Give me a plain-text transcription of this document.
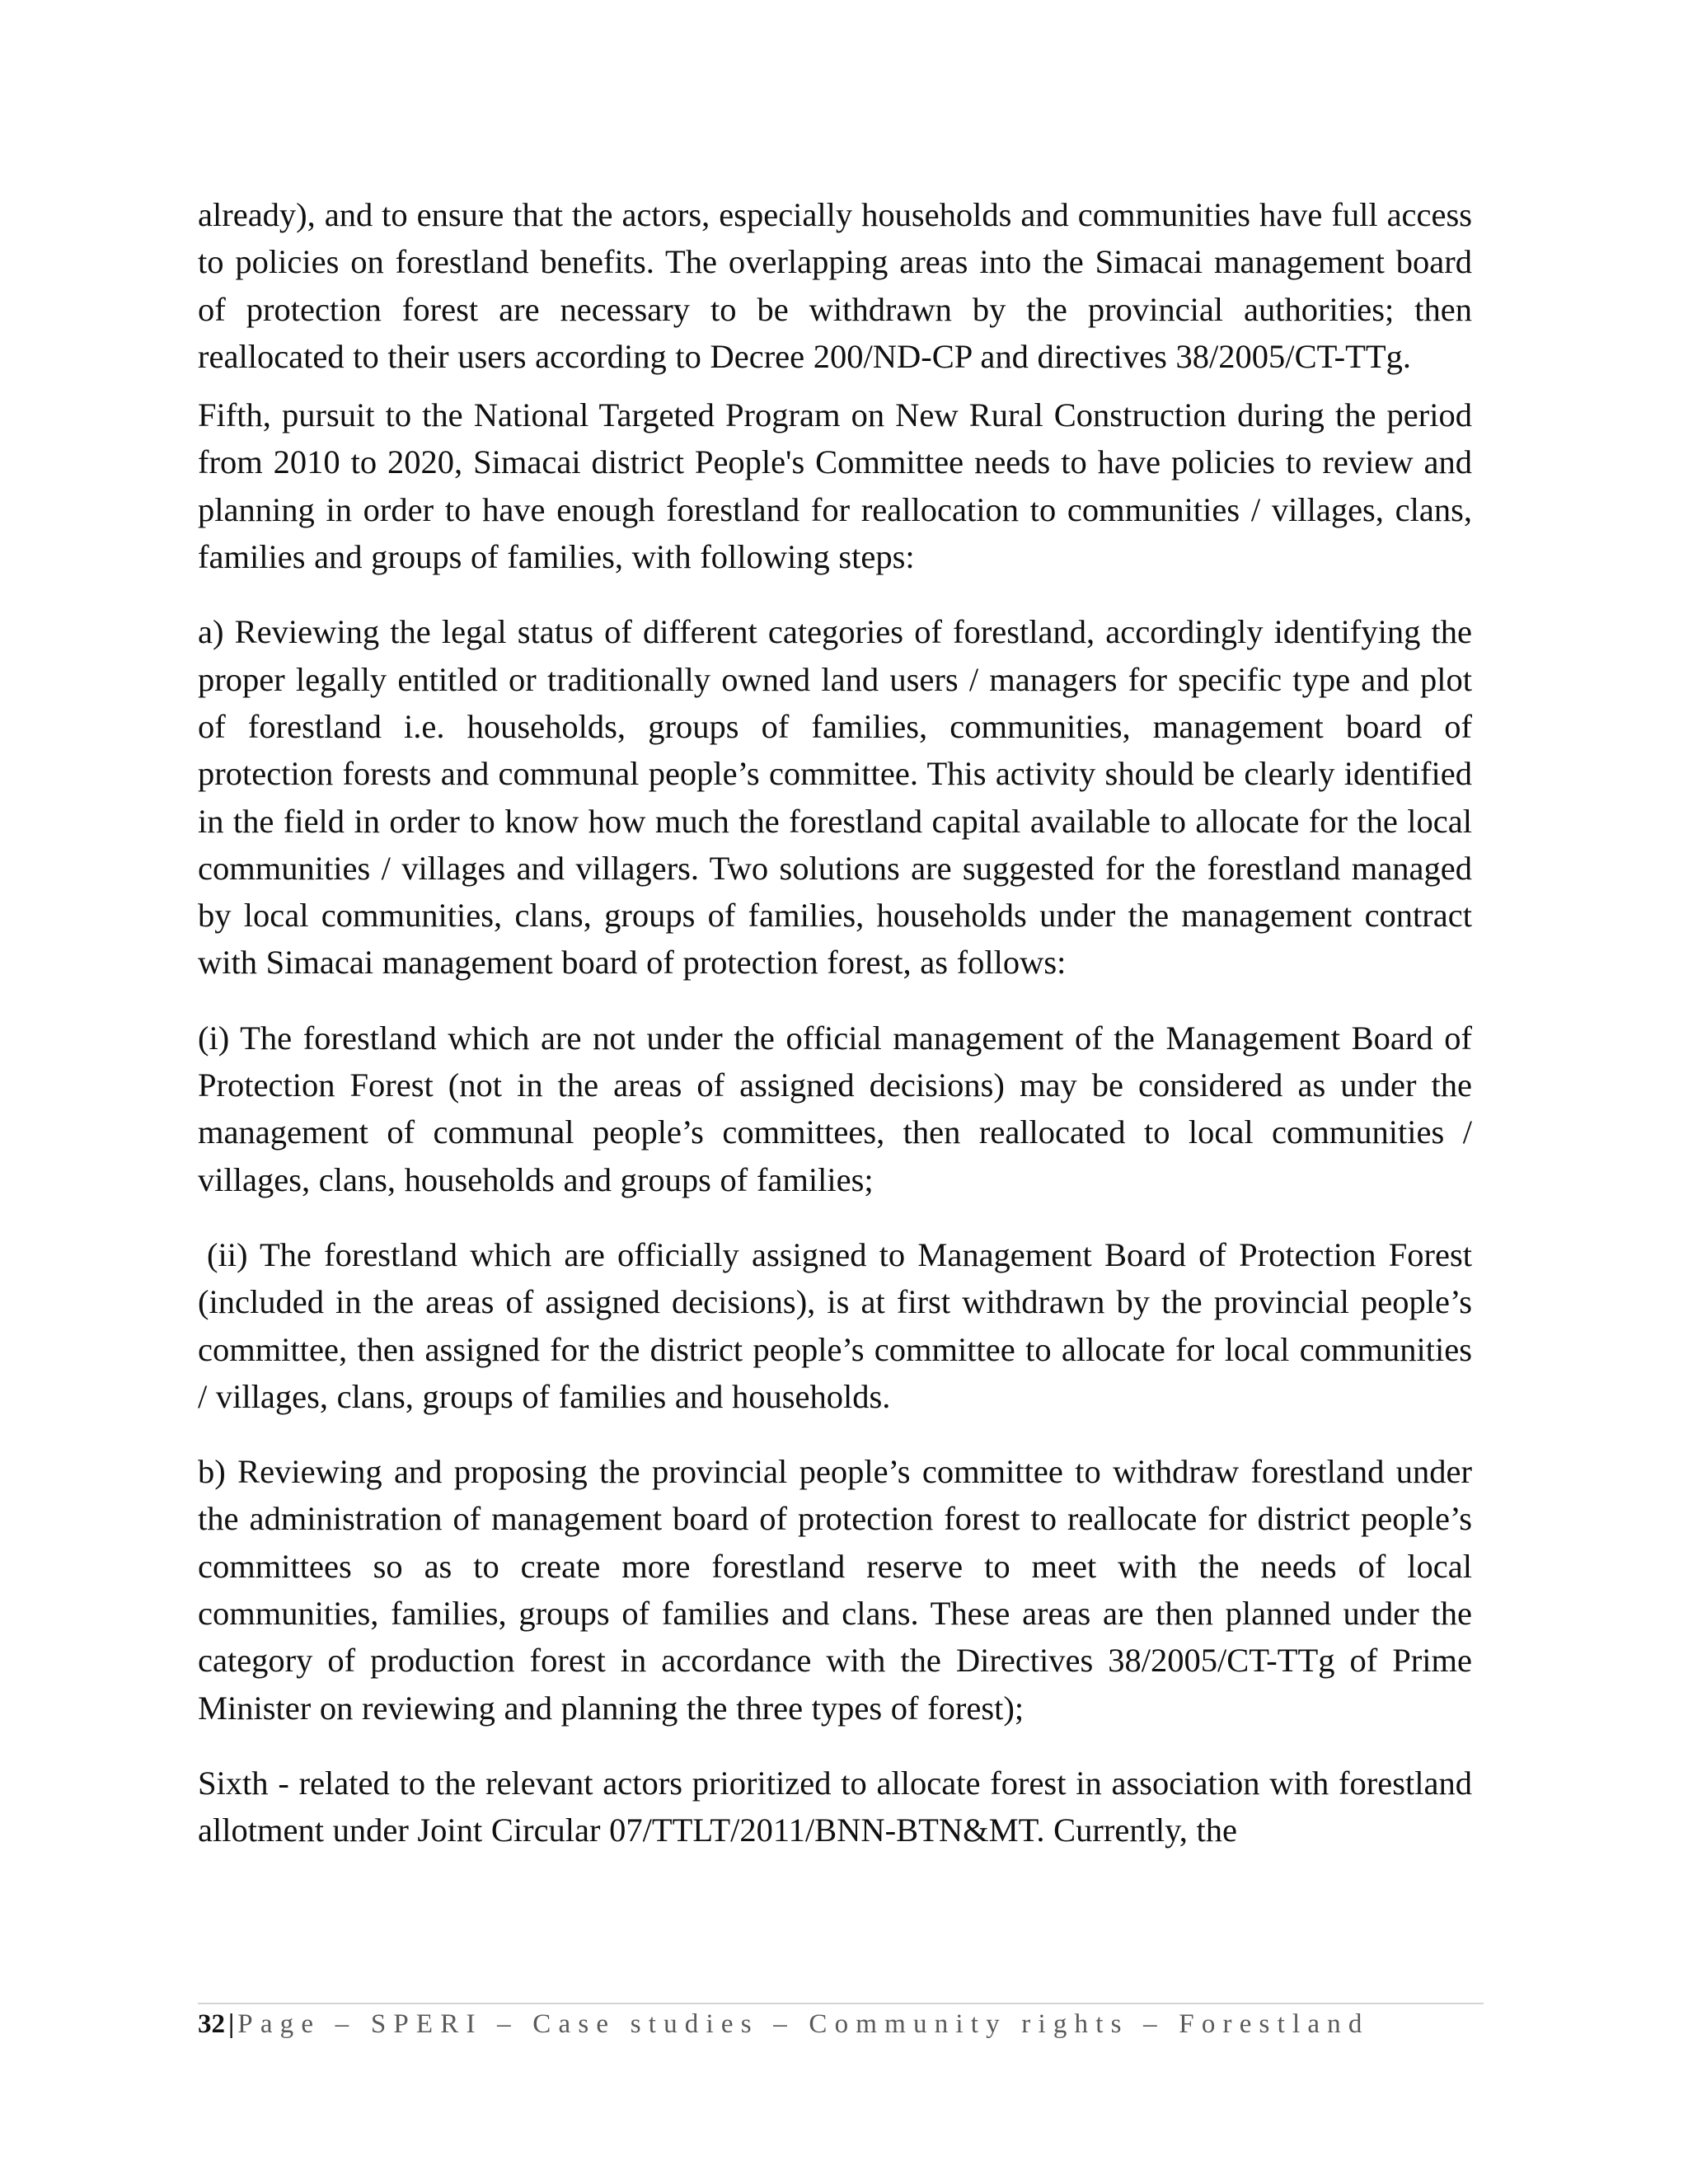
already), and to ensure that the actors, especially households and communities have full access to policies on forestland benefits. The overlapping areas into the Simacai management board of protection forest are necessary to be withdrawn by the provincial authorities; then reallocated to their users according to Decree 200/ND-CP and directives 38/2005/CT-TTg.

Fifth, pursuit to the National Targeted Program on New Rural Construction during the period from 2010 to 2020, Simacai district People's Committee needs to have policies to review and planning in order to have enough forestland for reallocation to communities / villages, clans, families and groups of families, with following steps:

a) Reviewing the legal status of different categories of forestland, accordingly identifying the proper legally entitled or traditionally owned land users / managers for specific type and plot of forestland i.e. households, groups of families, communities, management board of protection forests and communal people’s committee. This activity should be clearly identified in the field in order to know how much the forestland capital available to allocate for the local communities / villages and villagers. Two solutions are suggested for the forestland managed by local communities, clans, groups of families, households under the management contract with Simacai management board of protection forest, as follows:

(i) The forestland which are not under the official management of the Management Board of Protection Forest (not in the areas of assigned decisions) may be considered as under the management of communal people’s committees, then reallocated to local communities / villages, clans, households and groups of families;

(ii) The forestland which are officially assigned to Management Board of Protection Forest (included in the areas of assigned decisions), is at first withdrawn by the provincial people’s committee, then assigned for the district people’s committee to allocate for local communities / villages, clans, groups of families and households.

b) Reviewing and proposing the provincial people’s committee to withdraw forestland under the administration of management board of protection forest to reallocate for district people’s committees so as to create more forestland reserve to meet with the needs of local communities, families, groups of families and clans. These areas are then planned under the category of production forest in accordance with the Directives 38/2005/CT-TTg of Prime Minister on reviewing and planning the three types of forest);

Sixth - related to the relevant actors prioritized to allocate forest in association with forestland allotment under Joint Circular 07/TTLT/2011/BNN-BTN&MT. Currently, the

32 | Page – SPERI – Case studies – Community rights – Forestland
